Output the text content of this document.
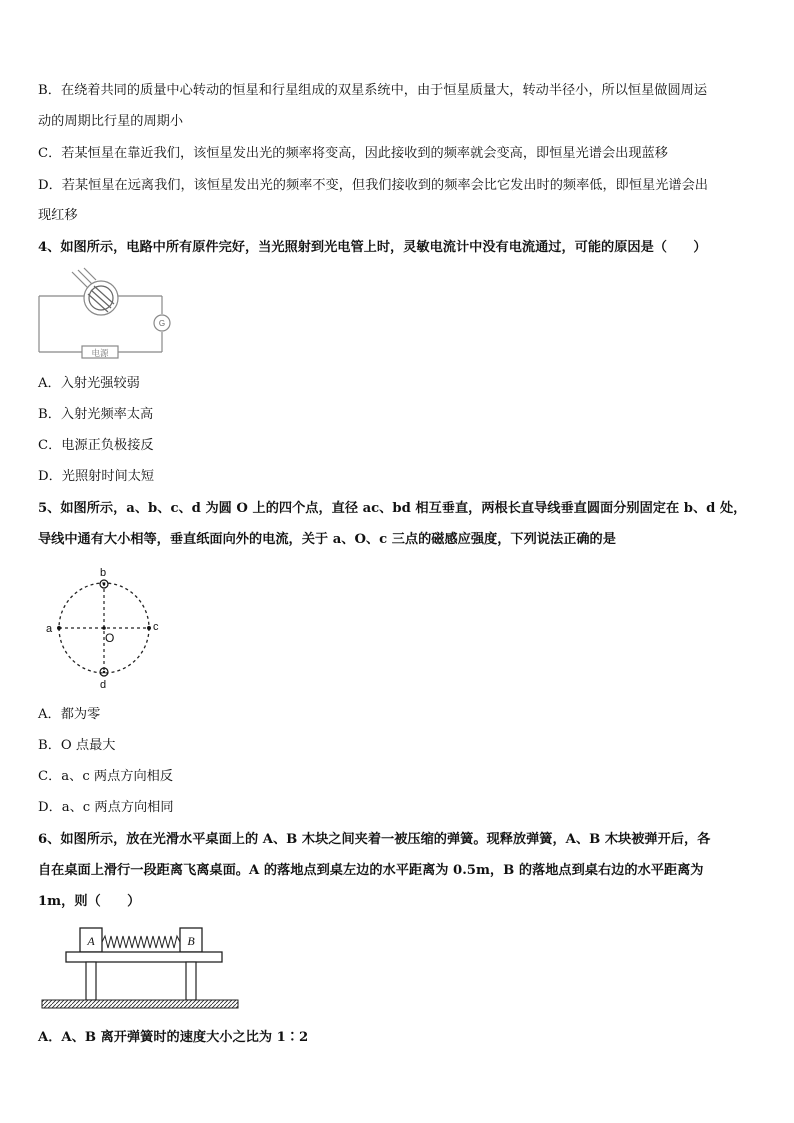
B．在绕着共同的质量中心转动的恒星和行星组成的双星系统中，由于恒星质量大，转动半径小，所以恒星做圆周运
动的周期比行星的周期小
C．若某恒星在靠近我们，该恒星发出光的频率将变高，因此接收到的频率就会变高，即恒星光谱会出现蓝移
D．若某恒星在远离我们，该恒星发出光的频率不变，但我们接收到的频率会比它发出时的频率低，即恒星光谱会出
现红移
4、如图所示，电路中所有原件完好，当光照射到光电管上时，灵敏电流计中没有电流通过，可能的原因是（　　）
G
电源
A．入射光强较弱
B．入射光频率太高
C．电源正负极接反
D．光照射时间太短
5、如图所示，a、b、c、d 为圆 O 上的四个点，直径 ac、bd 相互垂直，两根长直导线垂直圆面分别固定在 b、d 处，
导线中通有大小相等，垂直纸面向外的电流，关于 a、O、c 三点的磁感应强度，下列说法正确的是
a
b
c
d
O
A．都为零
B．O 点最大
C．a、c 两点方向相反
D．a、c 两点方向相同
6、如图所示，放在光滑水平桌面上的 A、B 木块之间夹着一被压缩的弹簧。现释放弹簧，A、B 木块被弹开后，各
自在桌面上滑行一段距离飞离桌面。A 的落地点到桌左边的水平距离为 0.5m，B 的落地点到桌右边的水平距离为
1m，则（　　）
A	B
A．A、B 离开弹簧时的速度大小之比为 1∶2
